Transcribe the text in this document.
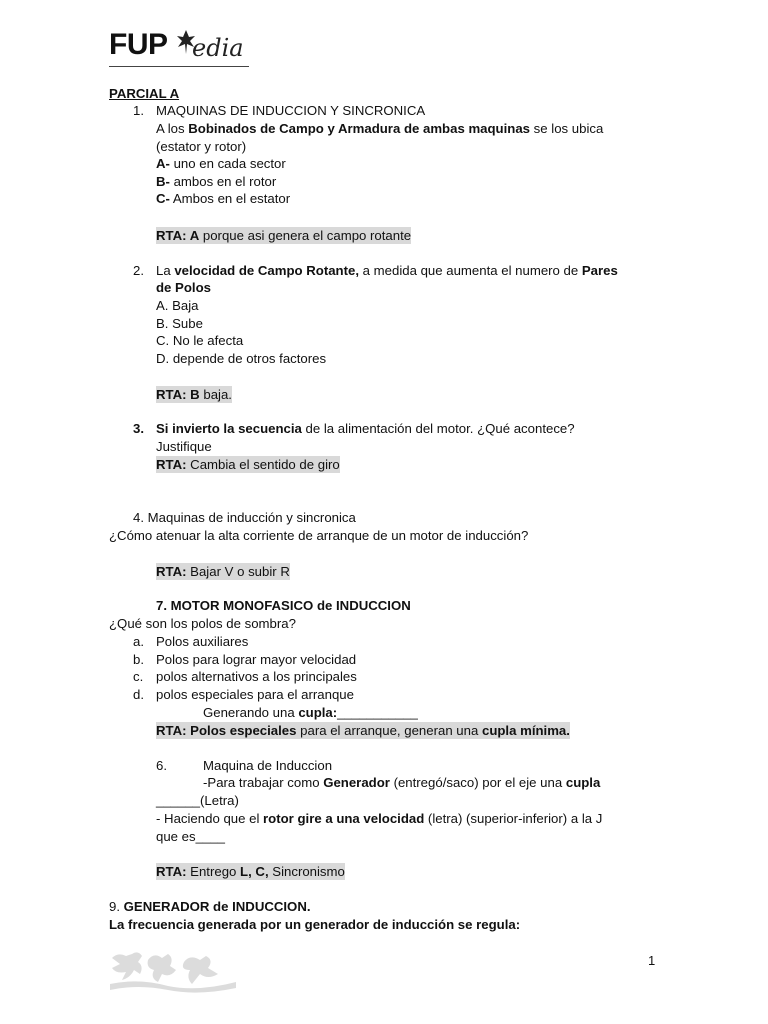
FUP edia
PARCIAL A
1. MAQUINAS DE INDUCCION Y SINCRONICA
A los Bobinados de Campo y Armadura de ambas maquinas se los ubica
(estator y rotor)
A- uno en cada sector
B- ambos en el rotor
C- Ambos en el estator
RTA: A porque asi genera el campo rotante
2. La velocidad de Campo Rotante, a medida que aumenta el numero de Pares
de Polos
A. Baja
B. Sube
C. No le afecta
D. depende de otros factores
RTA: B baja.
3. Si invierto la secuencia de la alimentación del motor. ¿Qué acontece?
Justifique
RTA: Cambia el sentido de giro
4. Maquinas de inducción y sincronica
¿Cómo atenuar la alta corriente de arranque de un motor de inducción?
RTA: Bajar V o subir R
7. MOTOR MONOFASICO de INDUCCION
¿Qué son los polos de sombra?
a. Polos auxiliares
b. Polos para lograr mayor velocidad
c. polos alternativos a los principales
d. polos especiales para el arranque
Generando una cupla:___________
RTA: Polos especiales para el arranque, generan una cupla mínima.
6.	Maquina de Induccion
-Para trabajar como Generador (entregó/saco) por el eje una cupla
______(Letra)
- Haciendo que el rotor gire a una velocidad (letra) (superior-inferior) a la J
que es____
RTA: Entrego L, C, Sincronismo
9. GENERADOR de INDUCCION.
La frecuencia generada por un generador de inducción se regula:
1
